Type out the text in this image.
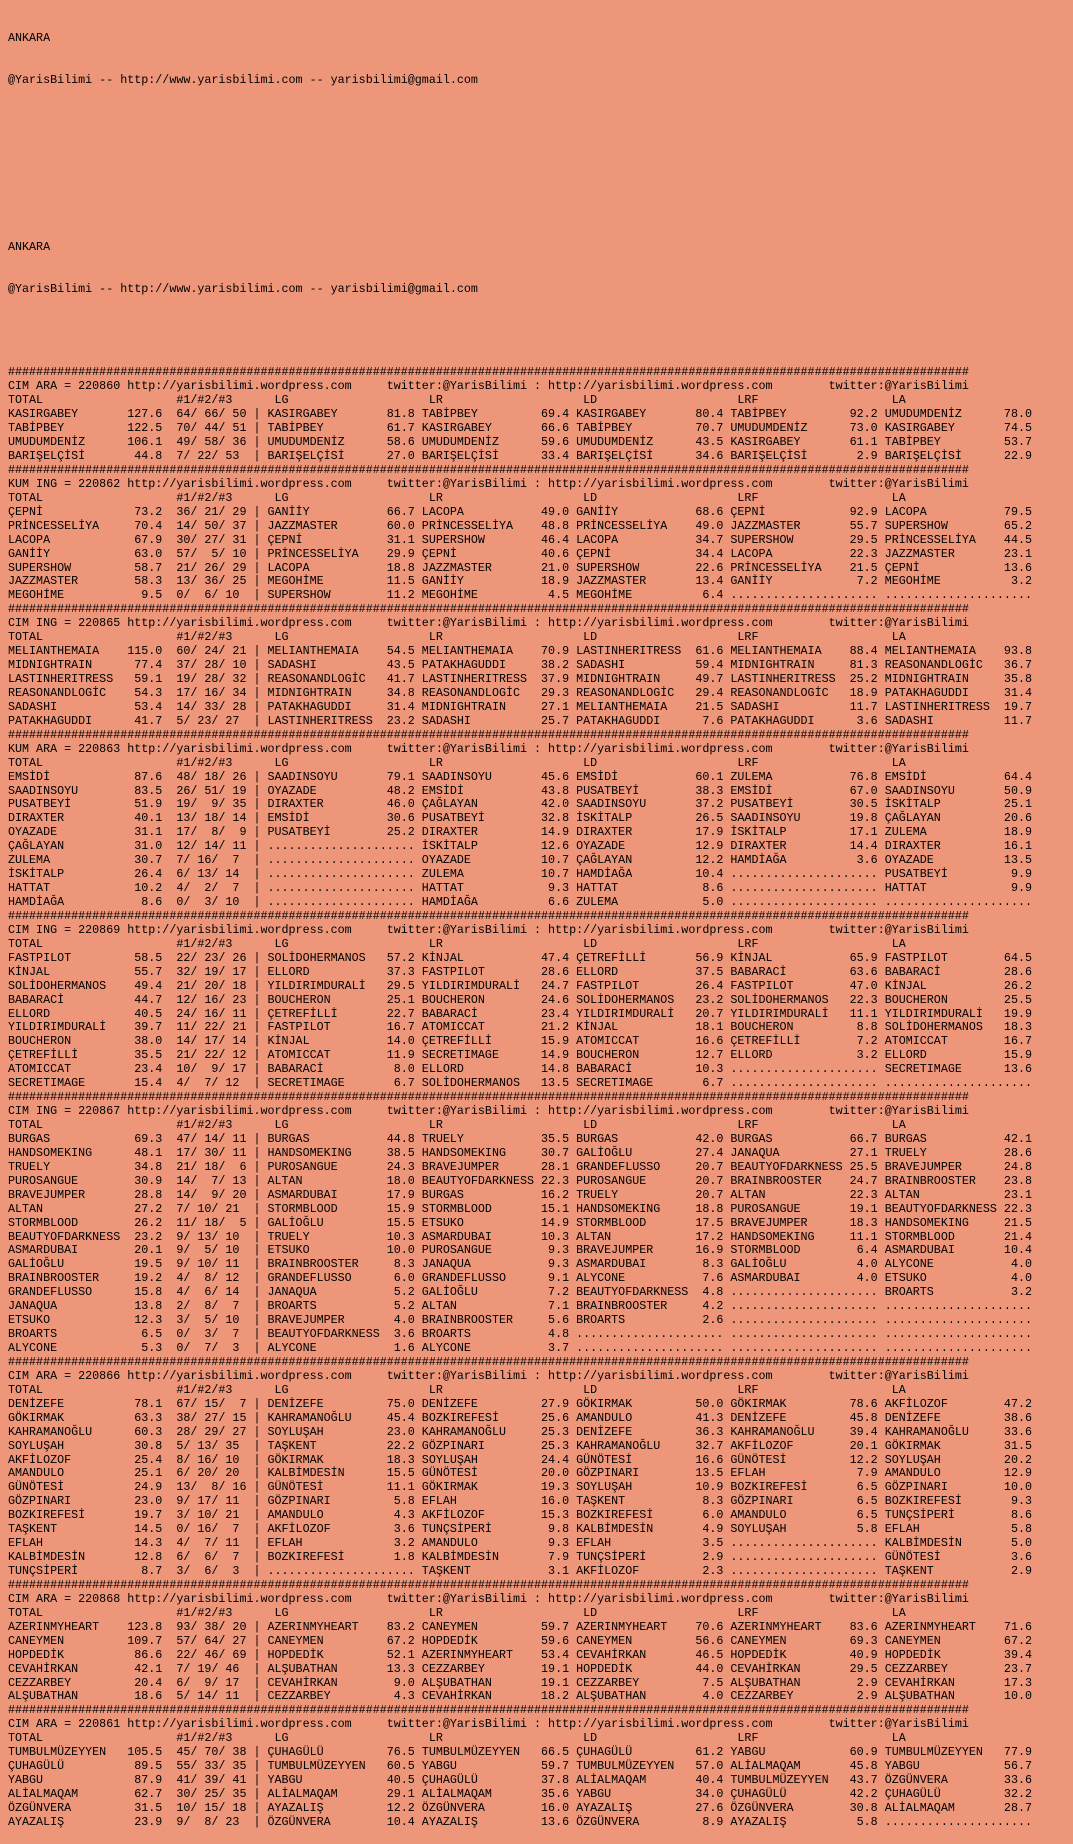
ANKARA

@YarisBilimi -- http://www.yarisbilimi.com -- yarisbilimi@gmail.com

ANKARA

@YarisBilimi -- http://www.yarisbilimi.com -- yarisbilimi@gmail.com

#########################################################################################################################################
CIM ARA = 220860 http://yarisbilimi.wordpress.com     twitter:@YarisBilimi : http://yarisbilimi.wordpress.com        twitter:@YarisBilimi
TOTAL                   #1/#2/#3      LG                    LR                    LD                    LRF                   LA
KASIRGABEY       127.6  64/ 66/ 50 | KASIRGABEY       81.8 TABİPBEY         69.4 KASIRGABEY       80.4 TABİPBEY         92.2 UMUDUMDENİZ      78.0
TABİPBEY         122.5  70/ 44/ 51 | TABİPBEY         61.7 KASIRGABEY       66.6 TABİPBEY         70.7 UMUDUMDENİZ      73.0 KASIRGABEY       74.5
UMUDUMDENİZ      106.1  49/ 58/ 36 | UMUDUMDENİZ      58.6 UMUDUMDENİZ      59.6 UMUDUMDENİZ      43.5 KASIRGABEY       61.1 TABİPBEY         53.7
BARIŞELÇİSİ       44.8  7/ 22/ 53  | BARIŞELÇİSİ      27.0 BARIŞELÇİSİ      33.4 BARIŞELÇİSİ      34.6 BARIŞELÇİSİ       2.9 BARIŞELÇİSİ      22.9
#########################################################################################################################################
KUM ING = 220862 http://yarisbilimi.wordpress.com     twitter:@YarisBilimi : http://yarisbilimi.wordpress.com        twitter:@YarisBilimi
TOTAL                   #1/#2/#3      LG                    LR                    LD                    LRF                   LA
ÇEPNİ             73.2  36/ 21/ 29 | GANİİY           66.7 LACOPA           49.0 GANİİY           68.6 ÇEPNİ            92.9 LACOPA           79.5
PRİNCESSELİYA     70.4  14/ 50/ 37 | JAZZMASTER       60.0 PRİNCESSELİYA    48.8 PRİNCESSELİYA    49.0 JAZZMASTER       55.7 SUPERSHOW        65.2
LACOPA            67.9  30/ 27/ 31 | ÇEPNİ            31.1 SUPERSHOW        46.4 LACOPA           34.7 SUPERSHOW        29.5 PRİNCESSELİYA    44.5
GANİİY            63.0  57/  5/ 10 | PRİNCESSELİYA    29.9 ÇEPNİ            40.6 ÇEPNİ            34.4 LACOPA           22.3 JAZZMASTER       23.1
SUPERSHOW         58.7  21/ 26/ 29 | LACOPA           18.8 JAZZMASTER       21.0 SUPERSHOW        22.6 PRİNCESSELİYA    21.5 ÇEPNİ            13.6
JAZZMASTER        58.3  13/ 36/ 25 | MEGOHİME         11.5 GANİİY           18.9 JAZZMASTER       13.4 GANİİY            7.2 MEGOHİME          3.2
MEGOHİME           9.5  0/  6/ 10  | SUPERSHOW        11.2 MEGOHİME          4.5 MEGOHİME          6.4 ..................... .....................
#########################################################################################################################################
CIM ING = 220865 http://yarisbilimi.wordpress.com     twitter:@YarisBilimi : http://yarisbilimi.wordpress.com        twitter:@YarisBilimi
TOTAL                   #1/#2/#3      LG                    LR                    LD                    LRF                   LA
MELIANTHEMAIA    115.0  60/ 24/ 21 | MELIANTHEMAIA    54.5 MELIANTHEMAIA    70.9 LASTINHERITRESS  61.6 MELIANTHEMAIA    88.4 MELIANTHEMAIA    93.8
MIDNIGHTRAIN      77.4  37/ 28/ 10 | SADASHI          43.5 PATAKHAGUDDI     38.2 SADASHI          59.4 MIDNIGHTRAIN     81.3 REASONANDLOGİC   36.7
LASTINHERITRESS   59.1  19/ 28/ 32 | REASONANDLOGİC   41.7 LASTINHERITRESS  37.9 MIDNIGHTRAIN     49.7 LASTINHERITRESS  25.2 MIDNIGHTRAIN     35.8
REASONANDLOGİC    54.3  17/ 16/ 34 | MIDNIGHTRAIN     34.8 REASONANDLOGİC   29.3 REASONANDLOGİC   29.4 REASONANDLOGİC   18.9 PATAKHAGUDDI     31.4
SADASHI           53.4  14/ 33/ 28 | PATAKHAGUDDI     31.4 MIDNIGHTRAIN     27.1 MELIANTHEMAIA    21.5 SADASHI          11.7 LASTINHERITRESS  19.7
PATAKHAGUDDI      41.7  5/ 23/ 27  | LASTINHERITRESS  23.2 SADASHI          25.7 PATAKHAGUDDI      7.6 PATAKHAGUDDI      3.6 SADASHI          11.7
#########################################################################################################################################
KUM ARA = 220863 http://yarisbilimi.wordpress.com     twitter:@YarisBilimi : http://yarisbilimi.wordpress.com        twitter:@YarisBilimi
TOTAL                   #1/#2/#3      LG                    LR                    LD                    LRF                   LA
EMSİDİ            87.6  48/ 18/ 26 | SAADINSOYU       79.1 SAADINSOYU       45.6 EMSİDİ           60.1 ZULEMA           76.8 EMSİDİ           64.4
SAADINSOYU        83.5  26/ 51/ 19 | OYAZADE          48.2 EMSİDİ           43.8 PUSATBEYİ        38.3 EMSİDİ           67.0 SAADINSOYU       50.9
PUSATBEYİ         51.9  19/  9/ 35 | DIRAXTER         46.0 ÇAĞLAYAN         42.0 SAADINSOYU       37.2 PUSATBEYİ        30.5 İSKİTALP         25.1
DIRAXTER          40.1  13/ 18/ 14 | EMSİDİ           30.6 PUSATBEYİ        32.8 İSKİTALP         26.5 SAADINSOYU       19.8 ÇAĞLAYAN         20.6
OYAZADE           31.1  17/  8/  9 | PUSATBEYİ        25.2 DIRAXTER         14.9 DIRAXTER         17.9 İSKİTALP         17.1 ZULEMA           18.9
ÇAĞLAYAN          31.0  12/ 14/ 11 | ..................... İSKİTALP         12.6 OYAZADE          12.9 DIRAXTER         14.4 DIRAXTER         16.1
ZULEMA            30.7  7/ 16/  7  | ..................... OYAZADE          10.7 ÇAĞLAYAN         12.2 HAMDİAĞA          3.6 OYAZADE          13.5
İSKİTALP          26.4  6/ 13/ 14  | ..................... ZULEMA           10.7 HAMDİAĞA         10.4 ..................... PUSATBEYİ         9.9
HATTAT            10.2  4/  2/  7  | ..................... HATTAT            9.3 HATTAT            8.6 ..................... HATTAT            9.9
HAMDİAĞA           8.6  0/  3/ 10  | ..................... HAMDİAĞA          6.6 ZULEMA            5.0 ..................... .....................
#########################################################################################################################################
CIM ING = 220869 http://yarisbilimi.wordpress.com     twitter:@YarisBilimi : http://yarisbilimi.wordpress.com        twitter:@YarisBilimi
TOTAL                   #1/#2/#3      LG                    LR                    LD                    LRF                   LA
FASTPILOT         58.5  22/ 23/ 26 | SOLİDOHERMANOS   57.2 KİNJAL           47.4 ÇETREFİLLİ       56.9 KİNJAL           65.9 FASTPILOT        64.5
KİNJAL            55.7  32/ 19/ 17 | ELLORD           37.3 FASTPILOT        28.6 ELLORD           37.5 BABARACİ         63.6 BABARACİ         28.6
SOLİDOHERMANOS    49.4  21/ 20/ 18 | YILDIRIMDURALİ   29.5 YILDIRIMDURALİ   24.7 FASTPILOT        26.4 FASTPILOT        47.0 KİNJAL           26.2
BABARACİ          44.7  12/ 16/ 23 | BOUCHERON        25.1 BOUCHERON        24.6 SOLİDOHERMANOS   23.2 SOLİDOHERMANOS   22.3 BOUCHERON        25.5
ELLORD            40.5  24/ 16/ 11 | ÇETREFİLLİ       22.7 BABARACİ         23.4 YILDIRIMDURALİ   20.7 YILDIRIMDURALİ   11.1 YILDIRIMDURALİ   19.9
YILDIRIMDURALİ    39.7  11/ 22/ 21 | FASTPILOT        16.7 ATOMICCAT        21.2 KİNJAL           18.1 BOUCHERON         8.8 SOLİDOHERMANOS   18.3
BOUCHERON         38.0  14/ 17/ 14 | KİNJAL           14.0 ÇETREFİLLİ       15.9 ATOMICCAT        16.6 ÇETREFİLLİ        7.2 ATOMICCAT        16.7
ÇETREFİLLİ        35.5  21/ 22/ 12 | ATOMICCAT        11.9 SECRETIMAGE      14.9 BOUCHERON        12.7 ELLORD            3.2 ELLORD           15.9
ATOMICCAT         23.4  10/  9/ 17 | BABARACİ          8.0 ELLORD           14.8 BABARACİ         10.3 ..................... SECRETIMAGE      13.6
SECRETIMAGE       15.4  4/  7/ 12  | SECRETIMAGE       6.7 SOLİDOHERMANOS   13.5 SECRETIMAGE       6.7 ..................... .....................
#########################################################################################################################################
CIM ING = 220867 http://yarisbilimi.wordpress.com     twitter:@YarisBilimi : http://yarisbilimi.wordpress.com        twitter:@YarisBilimi
TOTAL                   #1/#2/#3      LG                    LR                    LD                    LRF                   LA
BURGAS            69.3  47/ 14/ 11 | BURGAS           44.8 TRUELY           35.5 BURGAS           42.0 BURGAS           66.7 BURGAS           42.1
HANDSOMEKING      48.1  17/ 30/ 11 | HANDSOMEKING     38.5 HANDSOMEKING     30.7 GALİOĞLU         27.4 JANAQUA          27.1 TRUELY           28.6
TRUELY            34.8  21/ 18/  6 | PUROSANGUE       24.3 BRAVEJUMPER      28.1 GRANDEFLUSSO     20.7 BEAUTYOFDARKNESS 25.5 BRAVEJUMPER      24.8
PUROSANGUE        30.9  14/  7/ 13 | ALTAN            18.0 BEAUTYOFDARKNESS 22.3 PUROSANGUE       20.7 BRAINBROOSTER    24.7 BRAINBROOSTER    23.8
BRAVEJUMPER       28.8  14/  9/ 20 | ASMARDUBAI       17.9 BURGAS           16.2 TRUELY           20.7 ALTAN            22.3 ALTAN            23.1
ALTAN             27.2  7/ 10/ 21  | STORMBLOOD       15.9 STORMBLOOD       15.1 HANDSOMEKING     18.8 PUROSANGUE       19.1 BEAUTYOFDARKNESS 22.3
STORMBLOOD        26.2  11/ 18/  5 | GALİOĞLU         15.5 ETSUKO           14.9 STORMBLOOD       17.5 BRAVEJUMPER      18.3 HANDSOMEKING     21.5
BEAUTYOFDARKNESS  23.2  9/ 13/ 10  | TRUELY           10.3 ASMARDUBAI       10.3 ALTAN            17.2 HANDSOMEKING     11.1 STORMBLOOD       21.4
ASMARDUBAI        20.1  9/  5/ 10  | ETSUKO           10.0 PUROSANGUE        9.3 BRAVEJUMPER      16.9 STORMBLOOD        6.4 ASMARDUBAI       10.4
GALİOĞLU          19.5  9/ 10/ 11  | BRAINBROOSTER     8.3 JANAQUA           9.3 ASMARDUBAI        8.3 GALİOĞLU          4.0 ALYCONE           4.0
BRAINBROOSTER     19.2  4/  8/ 12  | GRANDEFLUSSO      6.0 GRANDEFLUSSO      9.1 ALYCONE           7.6 ASMARDUBAI        4.0 ETSUKO            4.0
GRANDEFLUSSO      15.8  4/  6/ 14  | JANAQUA           5.2 GALİOĞLU          7.2 BEAUTYOFDARKNESS  4.8 ..................... BROARTS           3.2
JANAQUA           13.8  2/  8/  7  | BROARTS           5.2 ALTAN             7.1 BRAINBROOSTER     4.2 ..................... .....................
ETSUKO            12.3  3/  5/ 10  | BRAVEJUMPER       4.0 BRAINBROOSTER     5.6 BROARTS           2.6 ..................... .....................
BROARTS            6.5  0/  3/  7  | BEAUTYOFDARKNESS  3.6 BROARTS           4.8 ..................... ..................... .....................
ALYCONE            5.3  0/  7/  3  | ALYCONE           1.6 ALYCONE           3.7 ..................... ..................... .....................
#########################################################################################################################################
CIM ARA = 220866 http://yarisbilimi.wordpress.com     twitter:@YarisBilimi : http://yarisbilimi.wordpress.com        twitter:@YarisBilimi
TOTAL                   #1/#2/#3      LG                    LR                    LD                    LRF                   LA
DENİZEFE          78.1  67/ 15/  7 | DENİZEFE         75.0 DENİZEFE         27.9 GÖKIRMAK         50.0 GÖKIRMAK         78.6 AKFİLOZOF        47.2
GÖKIRMAK          63.3  38/ 27/ 15 | KAHRAMANOĞLU     45.4 BOZKIREFESİ      25.6 AMANDULO         41.3 DENİZEFE         45.8 DENİZEFE         38.6
KAHRAMANOĞLU      60.3  28/ 29/ 27 | SOYLUŞAH         23.0 KAHRAMANOĞLU     25.3 DENİZEFE         36.3 KAHRAMANOĞLU     39.4 KAHRAMANOĞLU     33.6
SOYLUŞAH          30.8  5/ 13/ 35  | TAŞKENT          22.2 GÖZPINARI        25.3 KAHRAMANOĞLU     32.7 AKFİLOZOF        20.1 GÖKIRMAK         31.5
AKFİLOZOF         25.4  8/ 16/ 10  | GÖKIRMAK         18.3 SOYLUŞAH         24.4 GÜNÖTESİ         16.6 GÜNÖTESİ         12.2 SOYLUŞAH         20.2
AMANDULO          25.1  6/ 20/ 20  | KALBİMDESİN      15.5 GÜNÖTESİ         20.0 GÖZPINARI        13.5 EFLAH             7.9 AMANDULO         12.9
GÜNÖTESİ          24.9  13/  8/ 16 | GÜNÖTESİ         11.1 GÖKIRMAK         19.3 SOYLUŞAH         10.9 BOZKIREFESİ       6.5 GÖZPINARI        10.0
GÖZPINARI         23.0  9/ 17/ 11  | GÖZPINARI         5.8 EFLAH            16.0 TAŞKENT           8.3 GÖZPINARI         6.5 BOZKIREFESİ       9.3
BOZKIREFESİ       19.7  3/ 10/ 21  | AMANDULO          4.3 AKFİLOZOF        15.3 BOZKIREFESİ       6.0 AMANDULO          6.5 TUNÇSİPERİ        8.6
TAŞKENT           14.5  0/ 16/  7  | AKFİLOZOF         3.6 TUNÇSİPERİ        9.8 KALBİMDESİN       4.9 SOYLUŞAH          5.8 EFLAH             5.8
EFLAH             14.3  4/  7/ 11  | EFLAH             3.2 AMANDULO          9.3 EFLAH             3.5 ..................... KALBİMDESİN       5.0
KALBİMDESİN       12.8  6/  6/  7  | BOZKIREFESİ       1.8 KALBİMDESİN       7.9 TUNÇSİPERİ        2.9 ..................... GÜNÖTESİ          3.6
TUNÇSİPERİ         8.7  3/  6/  3  | ..................... TAŞKENT           3.1 AKFİLOZOF         2.3 ..................... TAŞKENT           2.9
#########################################################################################################################################
CIM ARA = 220868 http://yarisbilimi.wordpress.com     twitter:@YarisBilimi : http://yarisbilimi.wordpress.com        twitter:@YarisBilimi
TOTAL                   #1/#2/#3      LG                    LR                    LD                    LRF                   LA
AZERINMYHEART    123.8  93/ 38/ 20 | AZERINMYHEART    83.2 CANEYMEN         59.7 AZERINMYHEART    70.6 AZERINMYHEART    83.6 AZERINMYHEART    71.6
CANEYMEN         109.7  57/ 64/ 27 | CANEYMEN         67.2 HOPDEDİK         59.6 CANEYMEN         56.6 CANEYMEN         69.3 CANEYMEN         67.2
HOPDEDİK          86.6  22/ 46/ 69 | HOPDEDİK         52.1 AZERINMYHEART    53.4 CEVAHİRKAN       46.5 HOPDEDİK         40.9 HOPDEDİK         39.4
CEVAHİRKAN        42.1  7/ 19/ 46  | ALŞUBATHAN       13.3 CEZZARBEY        19.1 HOPDEDİK         44.0 CEVAHİRKAN       29.5 CEZZARBEY        23.7
CEZZARBEY         20.4  6/  9/ 17  | CEVAHİRKAN        9.0 ALŞUBATHAN       19.1 CEZZARBEY         7.5 ALŞUBATHAN        2.9 CEVAHİRKAN       17.3
ALŞUBATHAN        18.6  5/ 14/ 11  | CEZZARBEY         4.3 CEVAHİRKAN       18.2 ALŞUBATHAN        4.0 CEZZARBEY         2.9 ALŞUBATHAN       10.0
#########################################################################################################################################
CIM ARA = 220861 http://yarisbilimi.wordpress.com     twitter:@YarisBilimi : http://yarisbilimi.wordpress.com        twitter:@YarisBilimi
TOTAL                   #1/#2/#3      LG                    LR                    LD                    LRF                   LA
TUMBULMÜZEYYEN   105.5  45/ 70/ 38 | ÇUHAGÜLÜ         76.5 TUMBULMÜZEYYEN   66.5 ÇUHAGÜLÜ         61.2 YABGU            60.9 TUMBULMÜZEYYEN   77.9
ÇUHAGÜLÜ          89.5  55/ 33/ 35 | TUMBULMÜZEYYEN   60.5 YABGU            59.7 TUMBULMÜZEYYEN   57.0 ALİALMAQAM       45.8 YABGU            56.7
YABGU             87.9  41/ 39/ 41 | YABGU            40.5 ÇUHAGÜLÜ         37.8 ALİALMAQAM       40.4 TUMBULMÜZEYYEN   43.7 ÖZGÜNVERA        33.6
ALİALMAQAM        62.7  30/ 25/ 35 | ALİALMAQAM       29.1 ALİALMAQAM       35.6 YABGU            34.0 ÇUHAGÜLÜ         42.2 ÇUHAGÜLÜ         32.2
ÖZGÜNVERA         31.5  10/ 15/ 18 | AYAZALIŞ         12.2 ÖZGÜNVERA        16.0 AYAZALIŞ         27.6 ÖZGÜNVERA        30.8 ALİALMAQAM       28.7
AYAZALIŞ          23.9  9/  8/ 23  | ÖZGÜNVERA        10.4 AYAZALIŞ         13.6 ÖZGÜNVERA         8.9 AYAZALIŞ          5.8 .....................
